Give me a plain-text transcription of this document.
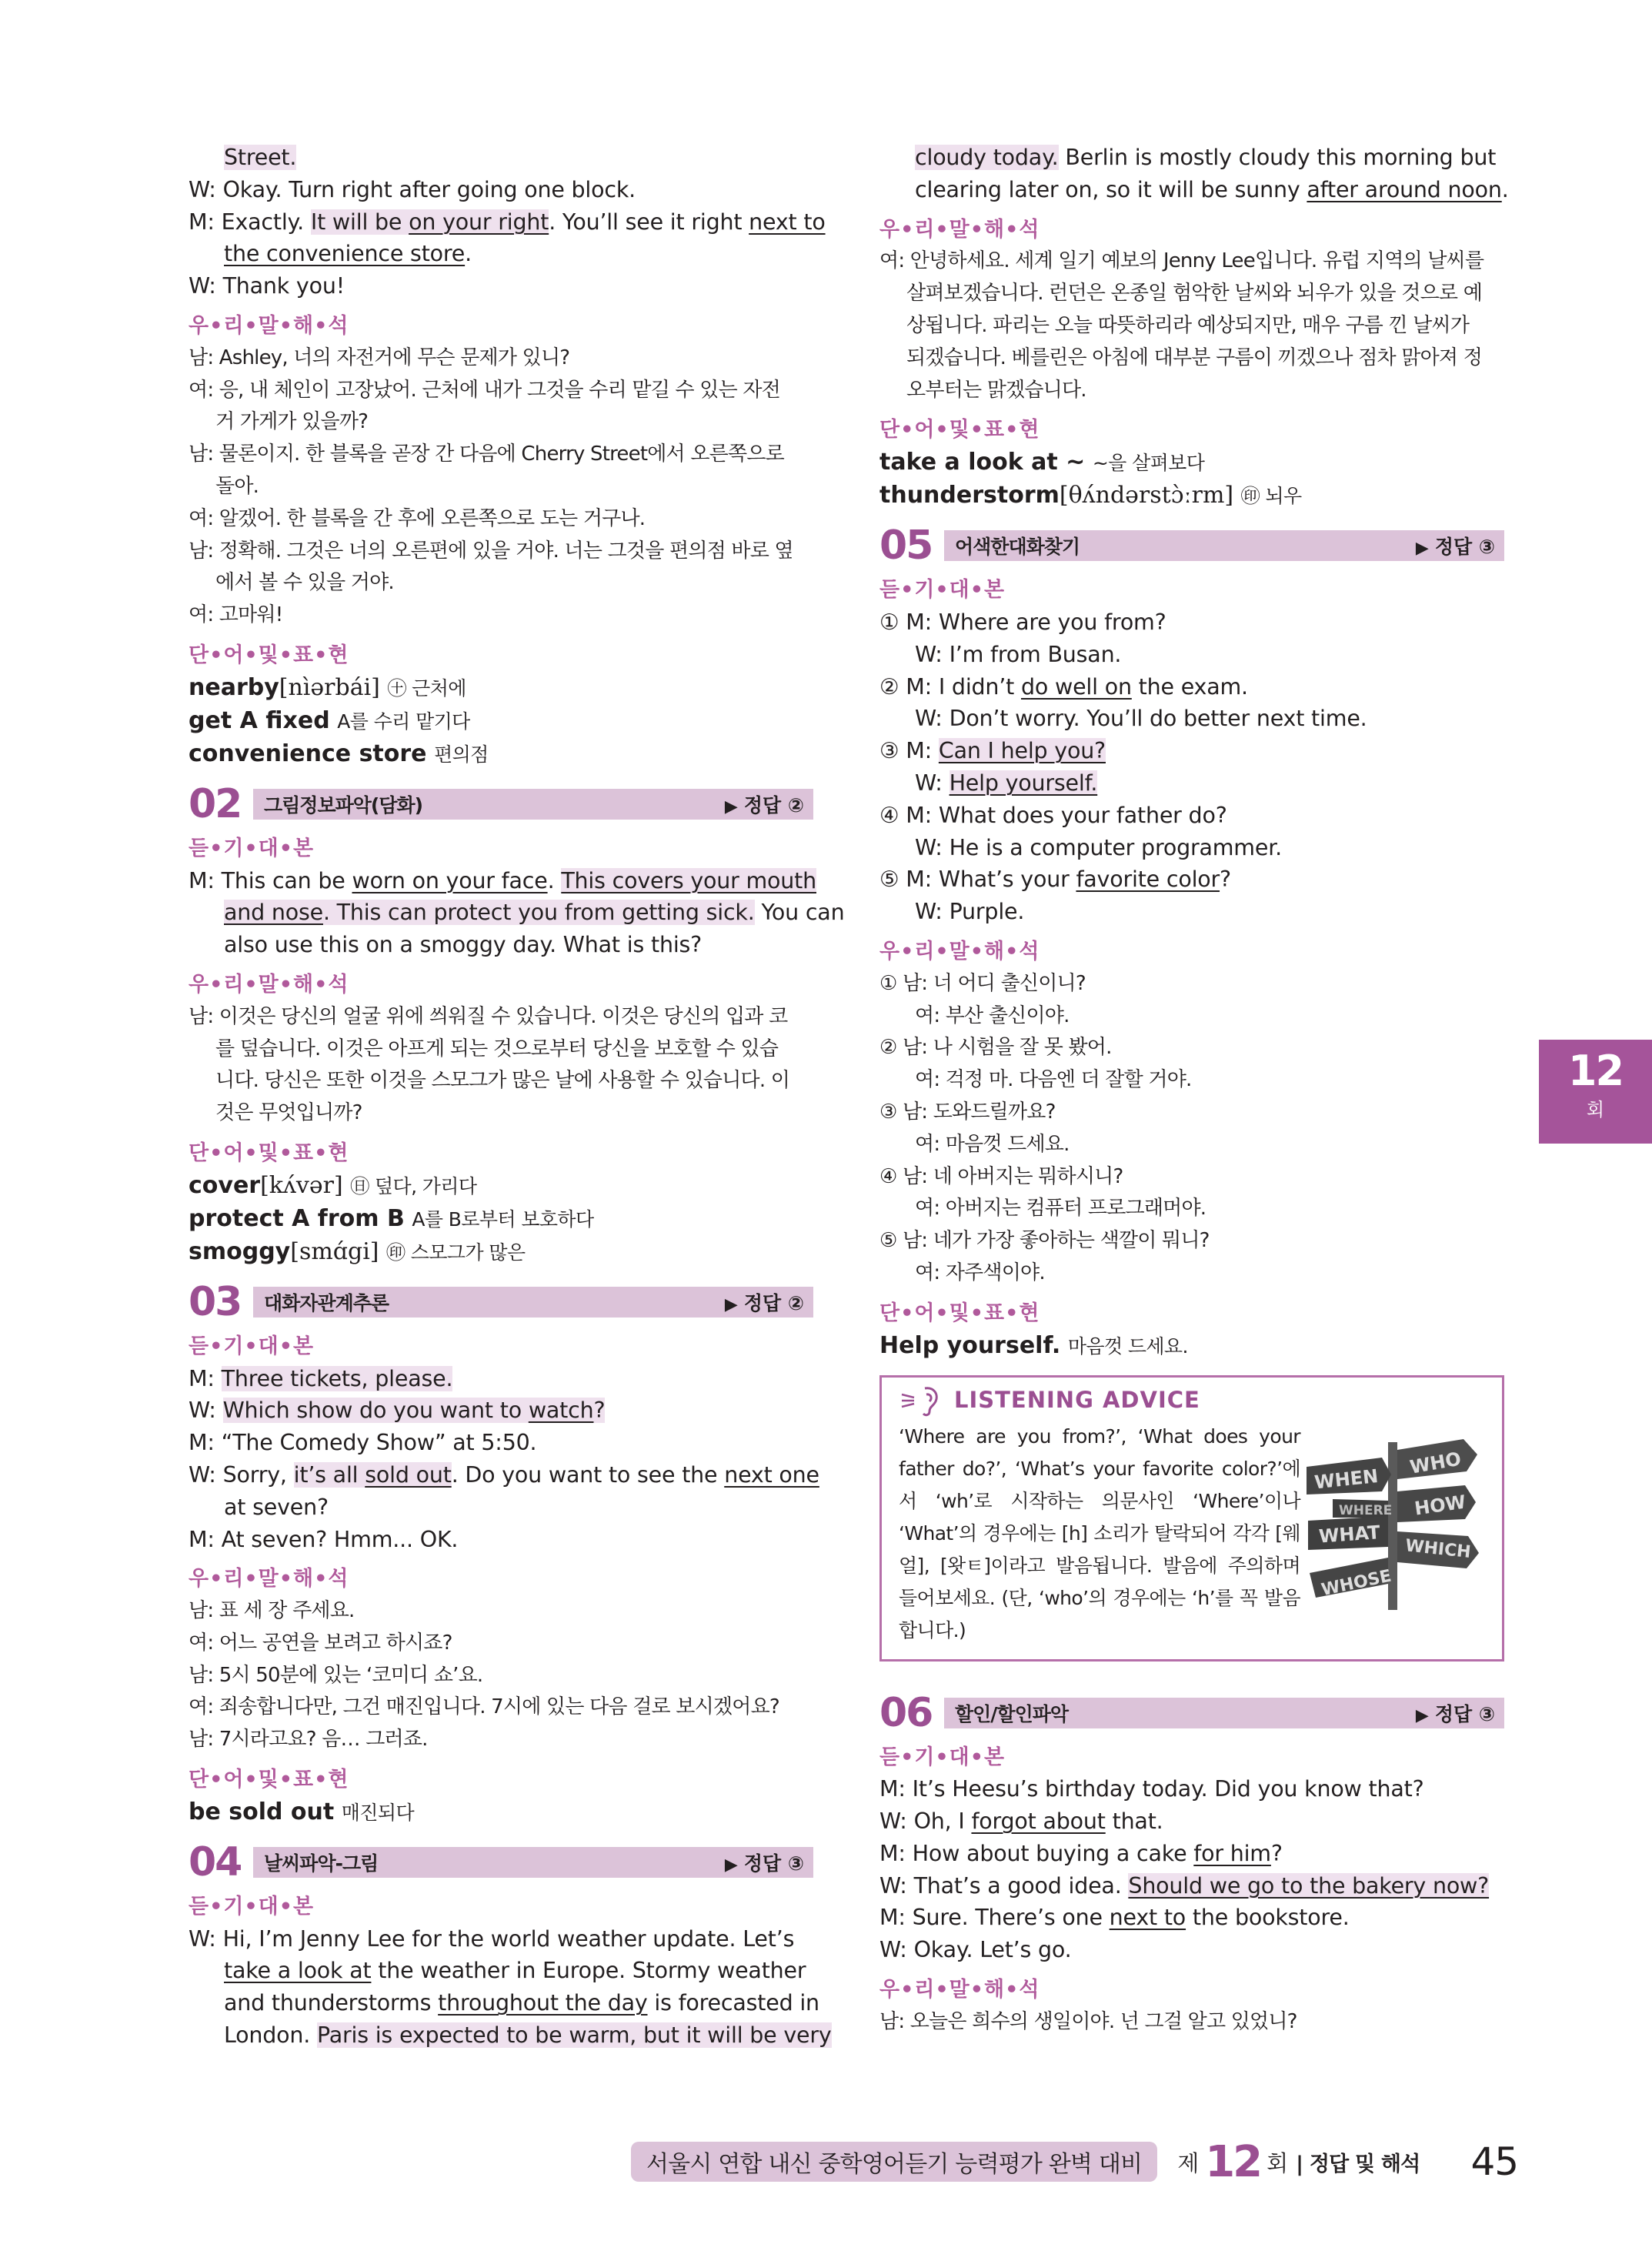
Street.
W: Okay. Turn right after going one block.
M: Exactly. It will be on your right. You’ll see it right next to
the convenience store.
W: Thank you!
우•리•말•해•석
남: Ashley, 너의 자전거에 무슨 문제가 있니?
여: 응, 내 체인이 고장났어. 근처에 내가 그것을 수리 맡길 수 있는 자전
거 가게가 있을까?
남: 물론이지. 한 블록을 곧장 간 다음에 Cherry Street에서 오른쪽으로
돌아.
여: 알겠어. 한 블록을 간 후에 오른쪽으로 도는 거구나.
남: 정확해. 그것은 너의 오른편에 있을 거야. 너는 그것을 편의점 바로 옆
에서 볼 수 있을 거야.
여: 고마워!
단•어•및•표•현
nearby[nìərbái] ㊉ 근처에
get A fixed A를 수리 맡기다
convenience store 편의점
02	그림정보파악(담화)	▶ 정답 ②
듣•기•대•본
M: This can be worn on your face. This covers your mouth
and nose. This can protect you from getting sick. You can
also use this on a smoggy day. What is this?
우•리•말•해•석
남: 이것은 당신의 얼굴 위에 씌워질 수 있습니다. 이것은 당신의 입과 코
를 덮습니다. 이것은 아프게 되는 것으로부터 당신을 보호할 수 있습
니다. 당신은 또한 이것을 스모그가 많은 날에 사용할 수 있습니다. 이
것은 무엇입니까?
단•어•및•표•현
cover[kʌ́vər] ㊐ 덮다, 가리다
protect A from B A를 B로부터 보호하다
smoggy[smɑ́gi] ㊞ 스모그가 많은
03	대화자관계추론	▶ 정답 ②
듣•기•대•본
M: Three tickets, please.
W: Which show do you want to watch?
M: “The Comedy Show” at 5:50.
W: Sorry, it’s all sold out. Do you want to see the next one
at seven?
M: At seven? Hmm... OK.
우•리•말•해•석
남: 표 세 장 주세요.
여: 어느 공연을 보려고 하시죠?
남: 5시 50분에 있는 ‘코미디 쇼’요.
여: 죄송합니다만, 그건 매진입니다. 7시에 있는 다음 걸로 보시겠어요?
남: 7시라고요? 음… 그러죠.
단•어•및•표•현
be sold out 매진되다
04	날씨파악-그림	▶ 정답 ③
듣•기•대•본
W: Hi, I’m Jenny Lee for the world weather update. Let’s
take a look at the weather in Europe. Stormy weather
and thunderstorms throughout the day is forecasted in
London. Paris is expected to be warm, but it will be very
cloudy today. Berlin is mostly cloudy this morning but
clearing later on, so it will be sunny after around noon.
우•리•말•해•석
여: 안녕하세요. 세계 일기 예보의 Jenny Lee입니다. 유럽 지역의 날씨를
살펴보겠습니다. 런던은 온종일 험악한 날씨와 뇌우가 있을 것으로 예
상됩니다. 파리는 오늘 따뜻하리라 예상되지만, 매우 구름 낀 날씨가
되겠습니다. 베를린은 아침에 대부분 구름이 끼겠으나 점차 맑아져 정
오부터는 맑겠습니다.
단•어•및•표•현
take a look at ~ ~을 살펴보다
thunderstorm[θʌ́ndərstɔ̀ːrm] ㊞ 뇌우
05	어색한대화찾기	▶ 정답 ③
듣•기•대•본
① M: Where are you from?
W: I’m from Busan.
② M: I didn’t do well on the exam.
W: Don’t worry. You’ll do better next time.
③ M: Can I help you?
W: Help yourself.
④ M: What does your father do?
W: He is a computer programmer.
⑤ M: What’s your favorite color?
W: Purple.
우•리•말•해•석
① 남: 너 어디 출신이니?
여: 부산 출신이야.
② 남: 나 시험을 잘 못 봤어.
여: 걱정 마. 다음엔 더 잘할 거야.
③ 남: 도와드릴까요?
여: 마음껏 드세요.
④ 남: 네 아버지는 뭐하시니?
여: 아버지는 컴퓨터 프로그래머야.
⑤ 남: 네가 가장 좋아하는 색깔이 뭐니?
여: 자주색이야.
단•어•및•표•현
Help yourself. 마음껏 드세요.
LISTENING ADVICE
‘Where are you from?’, ‘What does your father do?’, ‘What’s your favorite color?’에서 ‘wh’로 시작하는 의문사인 ‘Where’이나 ‘What’의 경우에는 [h] 소리가 탈락되어 각각 [웨얼], [왓ㅌ]이라고 발음됩니다. 발음에 주의하며 들어보세요. (단, ‘who’의 경우에는 ‘h’를 꼭 발음합니다.)
WHEN
WHO
WHERE HOW
WHAT
WHICH
WHOSE
06	할인/할인파악	▶ 정답 ③
듣•기•대•본
M: It’s Heesu’s birthday today. Did you know that?
W: Oh, I forgot about that.
M: How about buying a cake for him?
W: That’s a good idea. Should we go to the bakery now?
M: Sure. There’s one next to the bookstore.
W: Okay. Let’s go.
우•리•말•해•석
남: 오늘은 희수의 생일이야. 넌 그걸 알고 있었니?
12
회
서울시 연합 내신 중학영어듣기 능력평가 완벽 대비	제 12 회 | 정답 및 해석 45
